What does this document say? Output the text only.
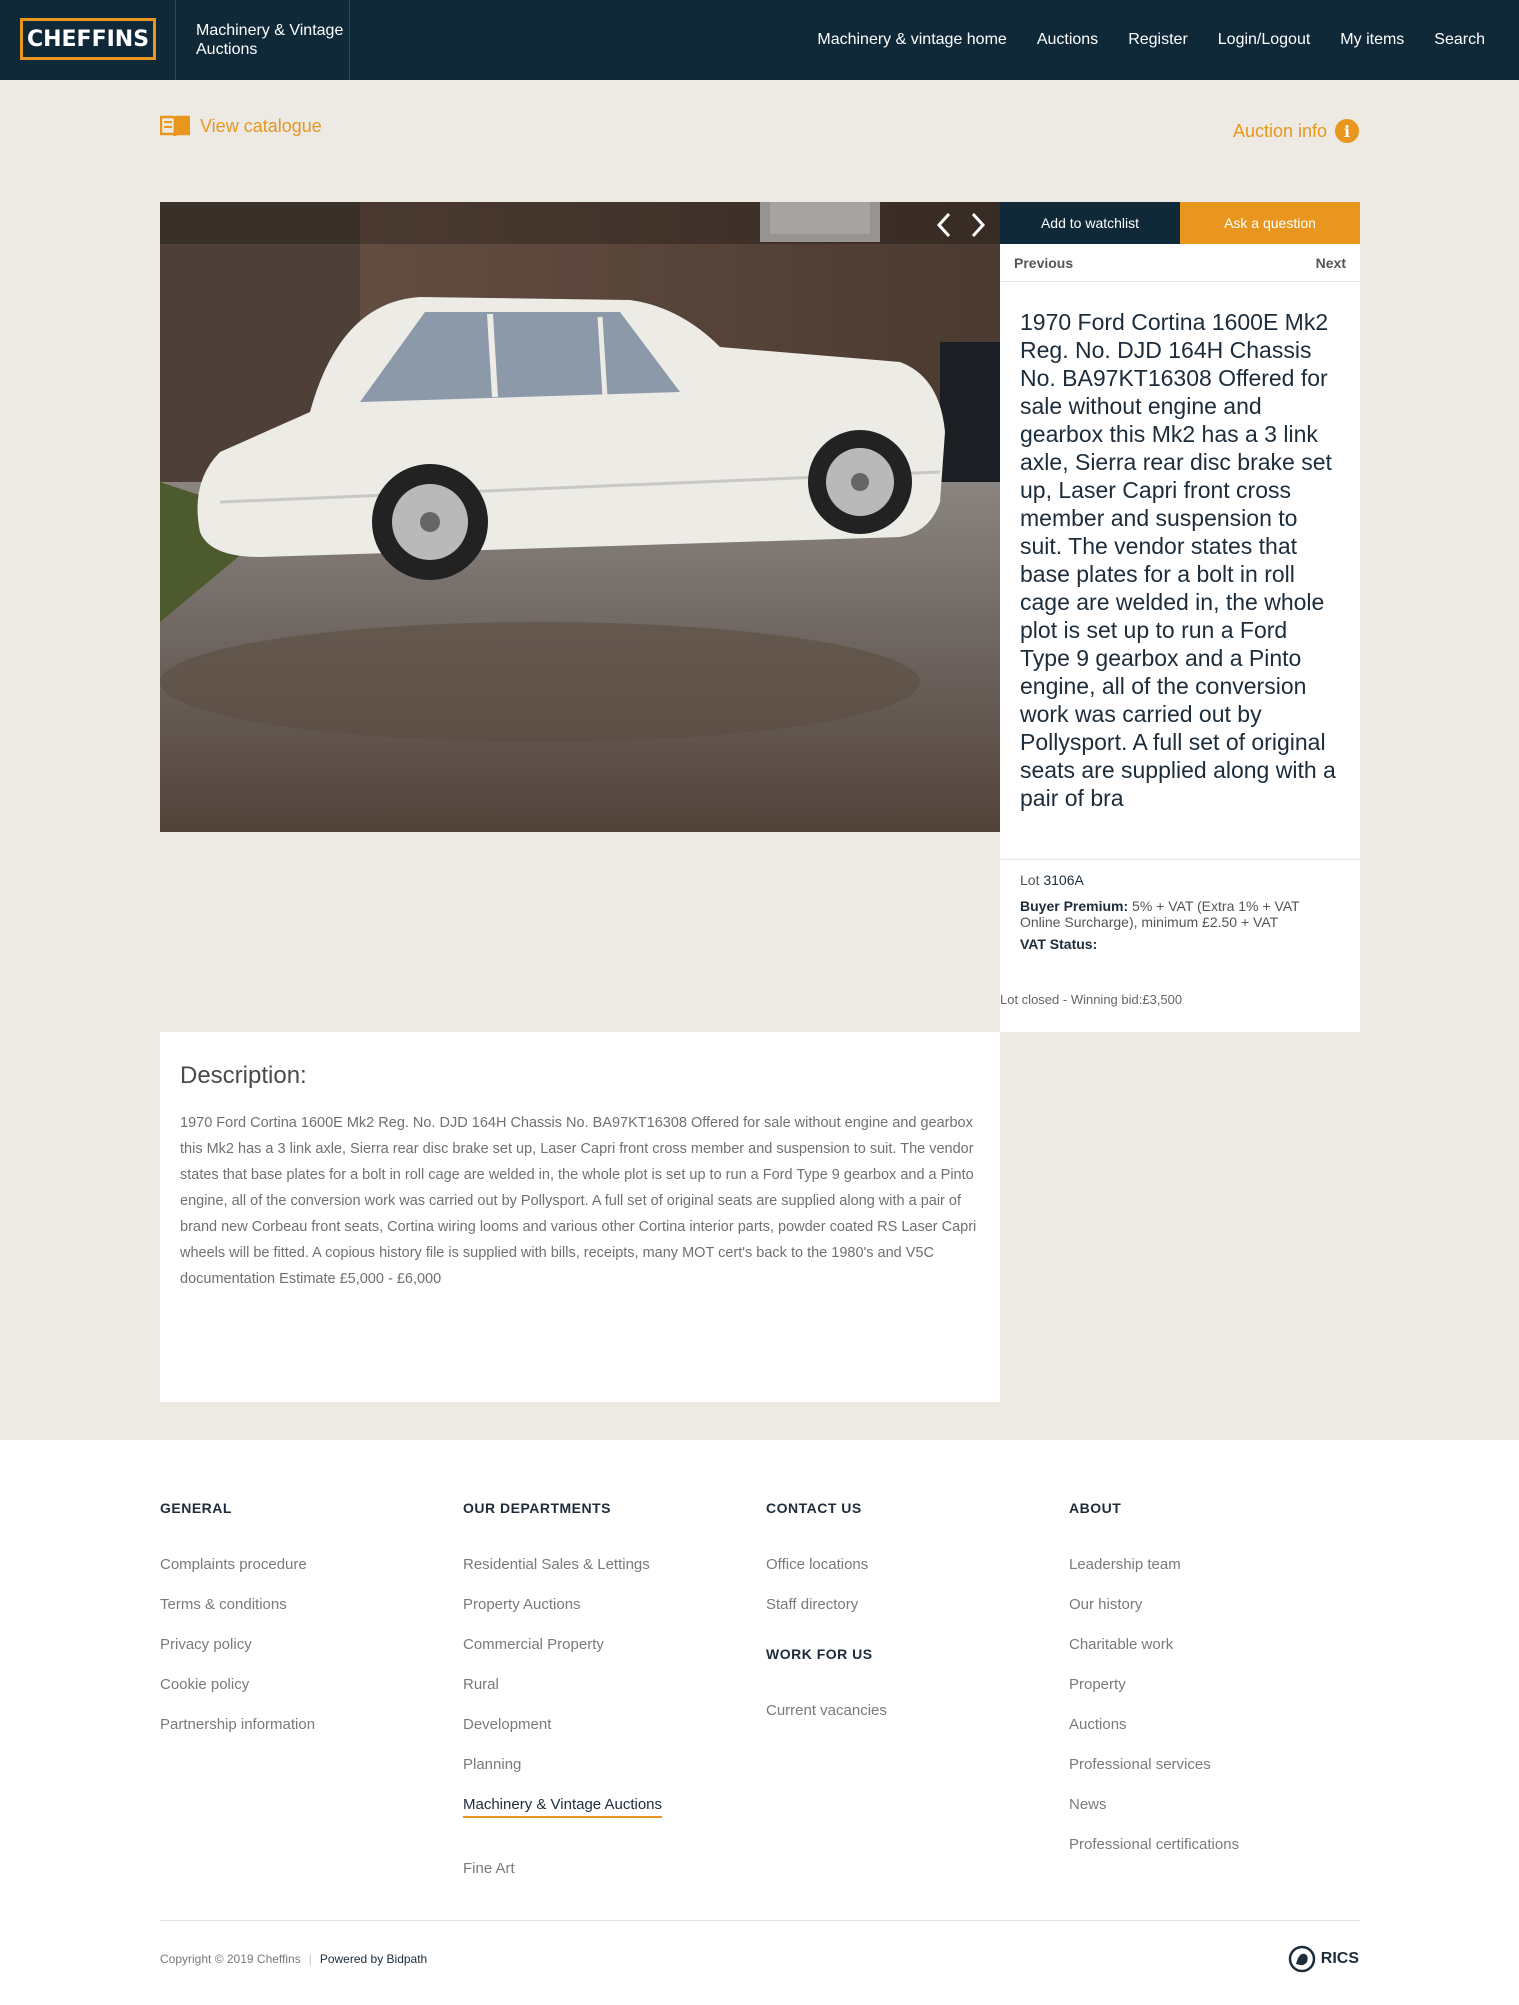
CHEFFINS	Machinery & Vintage Auctions
Machinery & vintage home Auctions Register Login/Logout My items Search
View catalogue	Auction info	i
Add to watchlist	Ask a question
Previous	Next
1970 Ford Cortina 1600E Mk2 Reg. No. DJD 164H Chassis No. BA97KT16308 Offered for sale without engine and gearbox this Mk2 has a 3 link axle, Sierra rear disc brake set up, Laser Capri front cross member and suspension to suit. The vendor states that base plates for a bolt in roll cage are welded in, the whole plot is set up to run a Ford Type 9 gearbox and a Pinto engine, all of the conversion work was carried out by Pollysport. A full set of original seats are supplied along with a pair of bra
Lot 3106A
Buyer Premium: 5% + VAT (Extra 1% + VAT Online Surcharge), minimum £2.50 + VAT
VAT Status:
Lot closed - Winning bid:£3,500
Description:
1970 Ford Cortina 1600E Mk2 Reg. No. DJD 164H Chassis No. BA97KT16308 Offered for sale without engine and gearbox this Mk2 has a 3 link axle, Sierra rear disc brake set up, Laser Capri front cross member and suspension to suit. The vendor states that base plates for a bolt in roll cage are welded in, the whole plot is set up to run a Ford Type 9 gearbox and a Pinto engine, all of the conversion work was carried out by Pollysport. A full set of original seats are supplied along with a pair of brand new Corbeau front seats, Cortina wiring looms and various other Cortina interior parts, powder coated RS Laser Capri wheels will be fitted. A copious history file is supplied with bills, receipts, many MOT cert's back to the 1980's and V5C documentation Estimate £5,000 - £6,000
GENERAL
Complaints procedure
Terms & conditions
Privacy policy
Cookie policy
Partnership information
OUR DEPARTMENTS
Residential Sales & Lettings
Property Auctions
Commercial Property
Rural
Development
Planning
Machinery & Vintage Auctions
Fine Art
CONTACT US
Office locations
Staff directory
WORK FOR US
Current vacancies
ABOUT
Leadership team
Our history
Charitable work
Property
Auctions
Professional services
News
Professional certifications
Copyright © 2019 Cheffins | Powered by Bidpath	RICS
